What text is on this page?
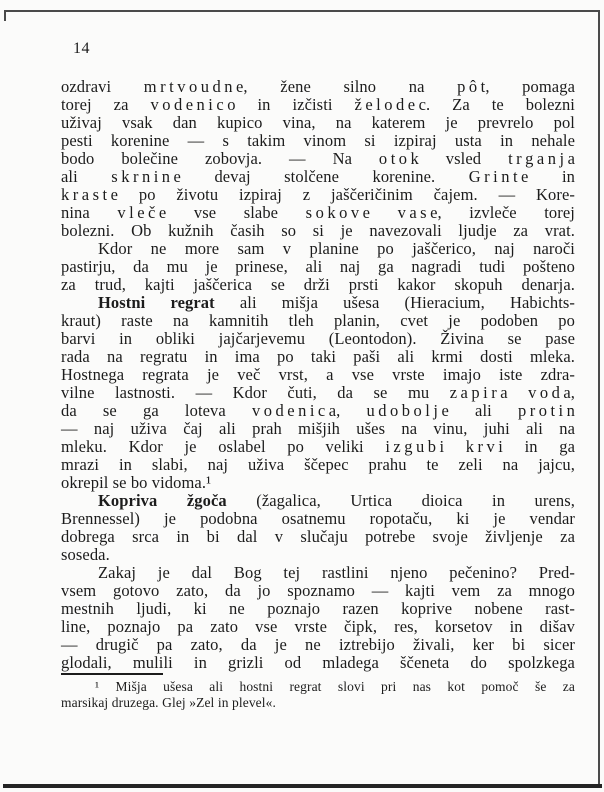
14
ozdravi m r t v o u d n e, žene silno na p ô t, pomaga
torej za v o d e n i c o in izčisti ž e l o d e c. Za te bolezni
uživaj vsak dan kupico vina, na katerem je prevrelo pol
pesti korenine — s takim vinom si izpiraj usta in nehale
bodo bolečine zobovja. — Na o t o k vsled t r g a n j a
ali s k r n i n e devaj stolčene korenine. G r i n t e in
k r a s t e po životu izpiraj z jaščeričinim čajem. — Kore-
nina v l e č e vse slabe s o k o v e v a s e, izvleče torej
bolezni. Ob kužnih časih so si je navezovali ljudje za vrat.
Kdor ne more sam v planine po jaščerico, naj naroči
pastirju, da mu je prinese, ali naj ga nagradi tudi pošteno
za trud, kajti jaščerica se drži prsti kakor skopuh denarja.
Hostni regrat ali mišja ušesa (Hieracium, Habichts-
kraut) raste na kamnitih tleh planin, cvet je podoben po
barvi in obliki jajčarjevemu (Leontodon). Živina se pase
rada na regratu in ima po taki paši ali krmi dosti mleka.
Hostnega regrata je več vrst, a vse vrste imajo iste zdra-
vilne lastnosti. — Kdor čuti, da se mu z a p i r a v o d a,
da se ga loteva v o d e n i c a, u d o b o l j e ali p r o t i n
— naj uživa čaj ali prah mišjih ušes na vinu, juhi ali na
mleku. Kdor je oslabel po veliki i z g u b i k r v i in ga
mrazi in slabi, naj uživa ščepec prahu te zeli na jajcu,
okrepil se bo vidoma.¹
Kopriva žgoča (žagalica, Urtica dioica in urens,
Brennessel) je podobna osatnemu ropotaču, ki je vendar
dobrega srca in bi dal v slučaju potrebe svoje življenje za
soseda.
Zakaj je dal Bog tej rastlini njeno pečenino? Pred-
vsem gotovo zato, da jo spoznamo — kajti vem za mnogo
mestnih ljudi, ki ne poznajo razen koprive nobene rast-
line, poznajo pa zato vse vrste čipk, res, korsetov in dišav
— drugič pa zato, da je ne iztrebijo živali, ker bi sicer
glodali, mulili in grizli od mladega ščeneta do spolzkega
¹ Mišja ušesa ali hostni regrat slovi pri nas kot pomoč še za
marsikaj druzega. Glej »Zel in plevel«.
